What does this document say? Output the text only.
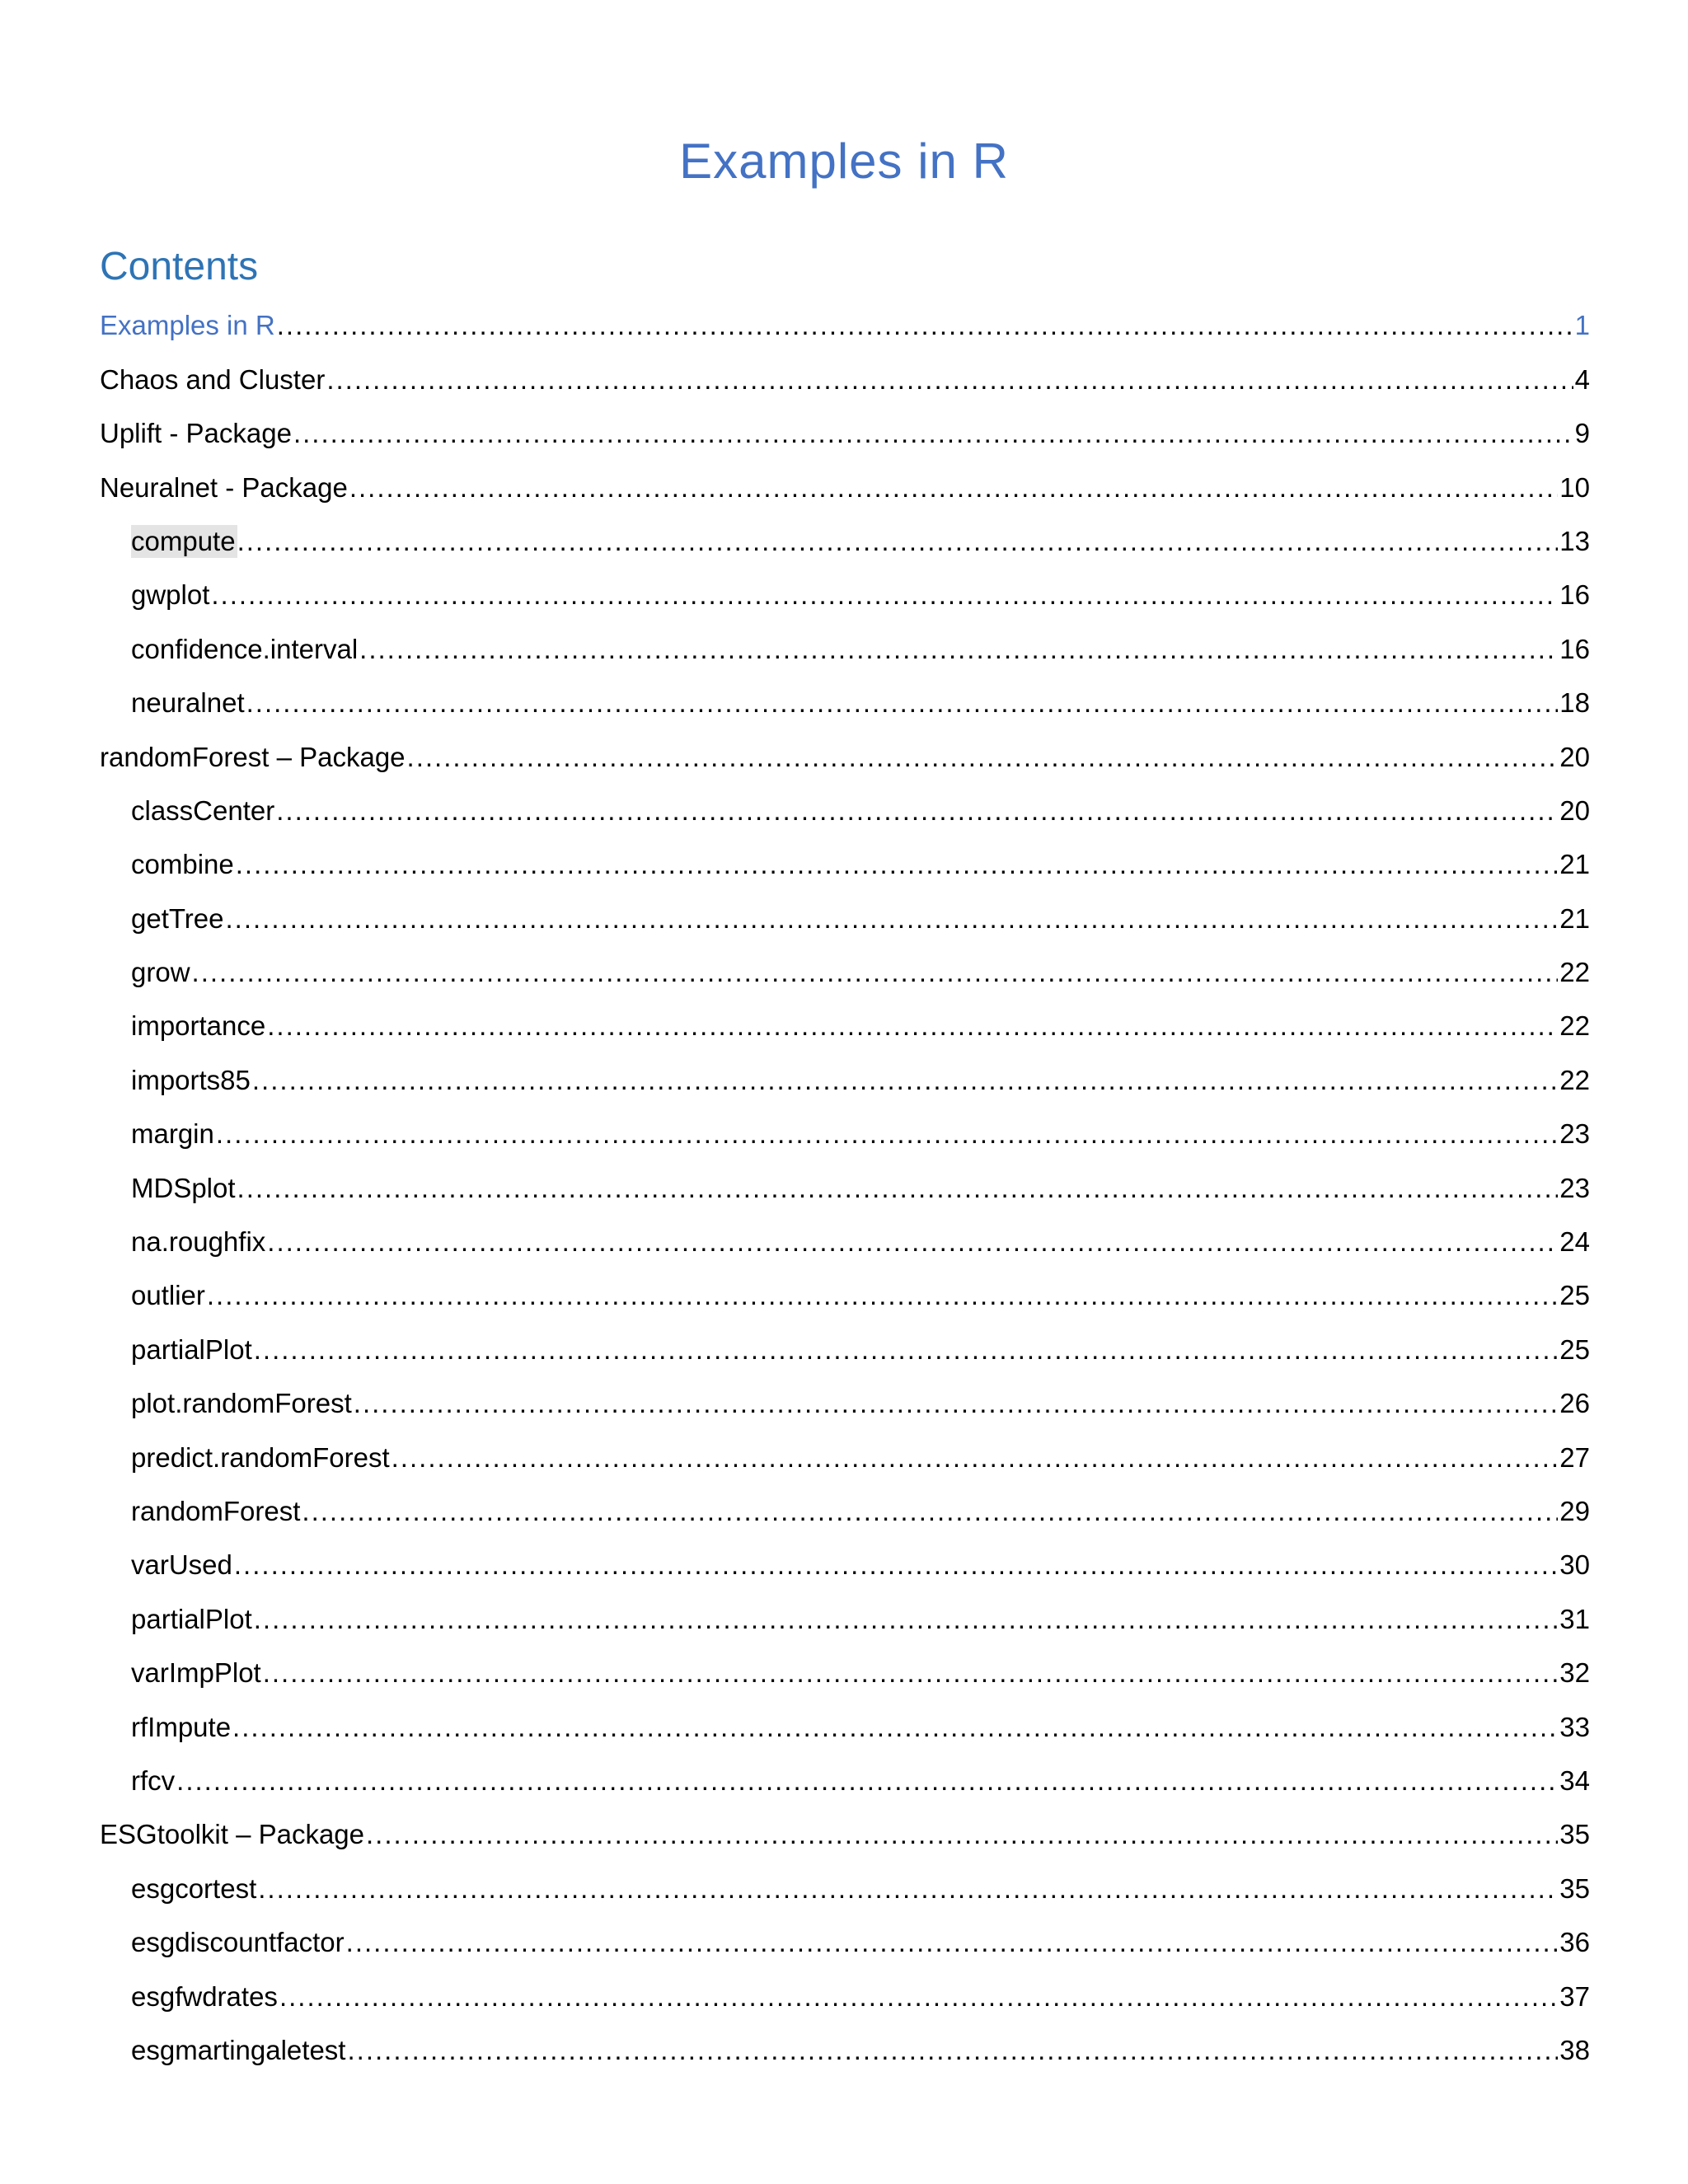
Examples in R
Contents
Examples in R .....	1
Chaos and Cluster .....	4
Uplift - Package .....	9
Neuralnet - Package .....	10
compute .....	13
gwplot .....	16
confidence.interval .....	16
neuralnet .....	18
randomForest – Package .....	20
classCenter .....	20
combine .....	21
getTree .....	21
grow .....	22
importance .....	22
imports85 .....	22
margin .....	23
MDSplot .....	23
na.roughfix .....	24
outlier .....	25
partialPlot .....	25
plot.randomForest .....	26
predict.randomForest .....	27
randomForest .....	29
varUsed .....	30
partialPlot .....	31
varImpPlot .....	32
rfImpute .....	33
rfcv .....	34
ESGtoolkit – Package .....	35
esgcortest .....	35
esgdiscountfactor .....	36
esgfwdrates .....	37
esgmartingaletest .....	38
